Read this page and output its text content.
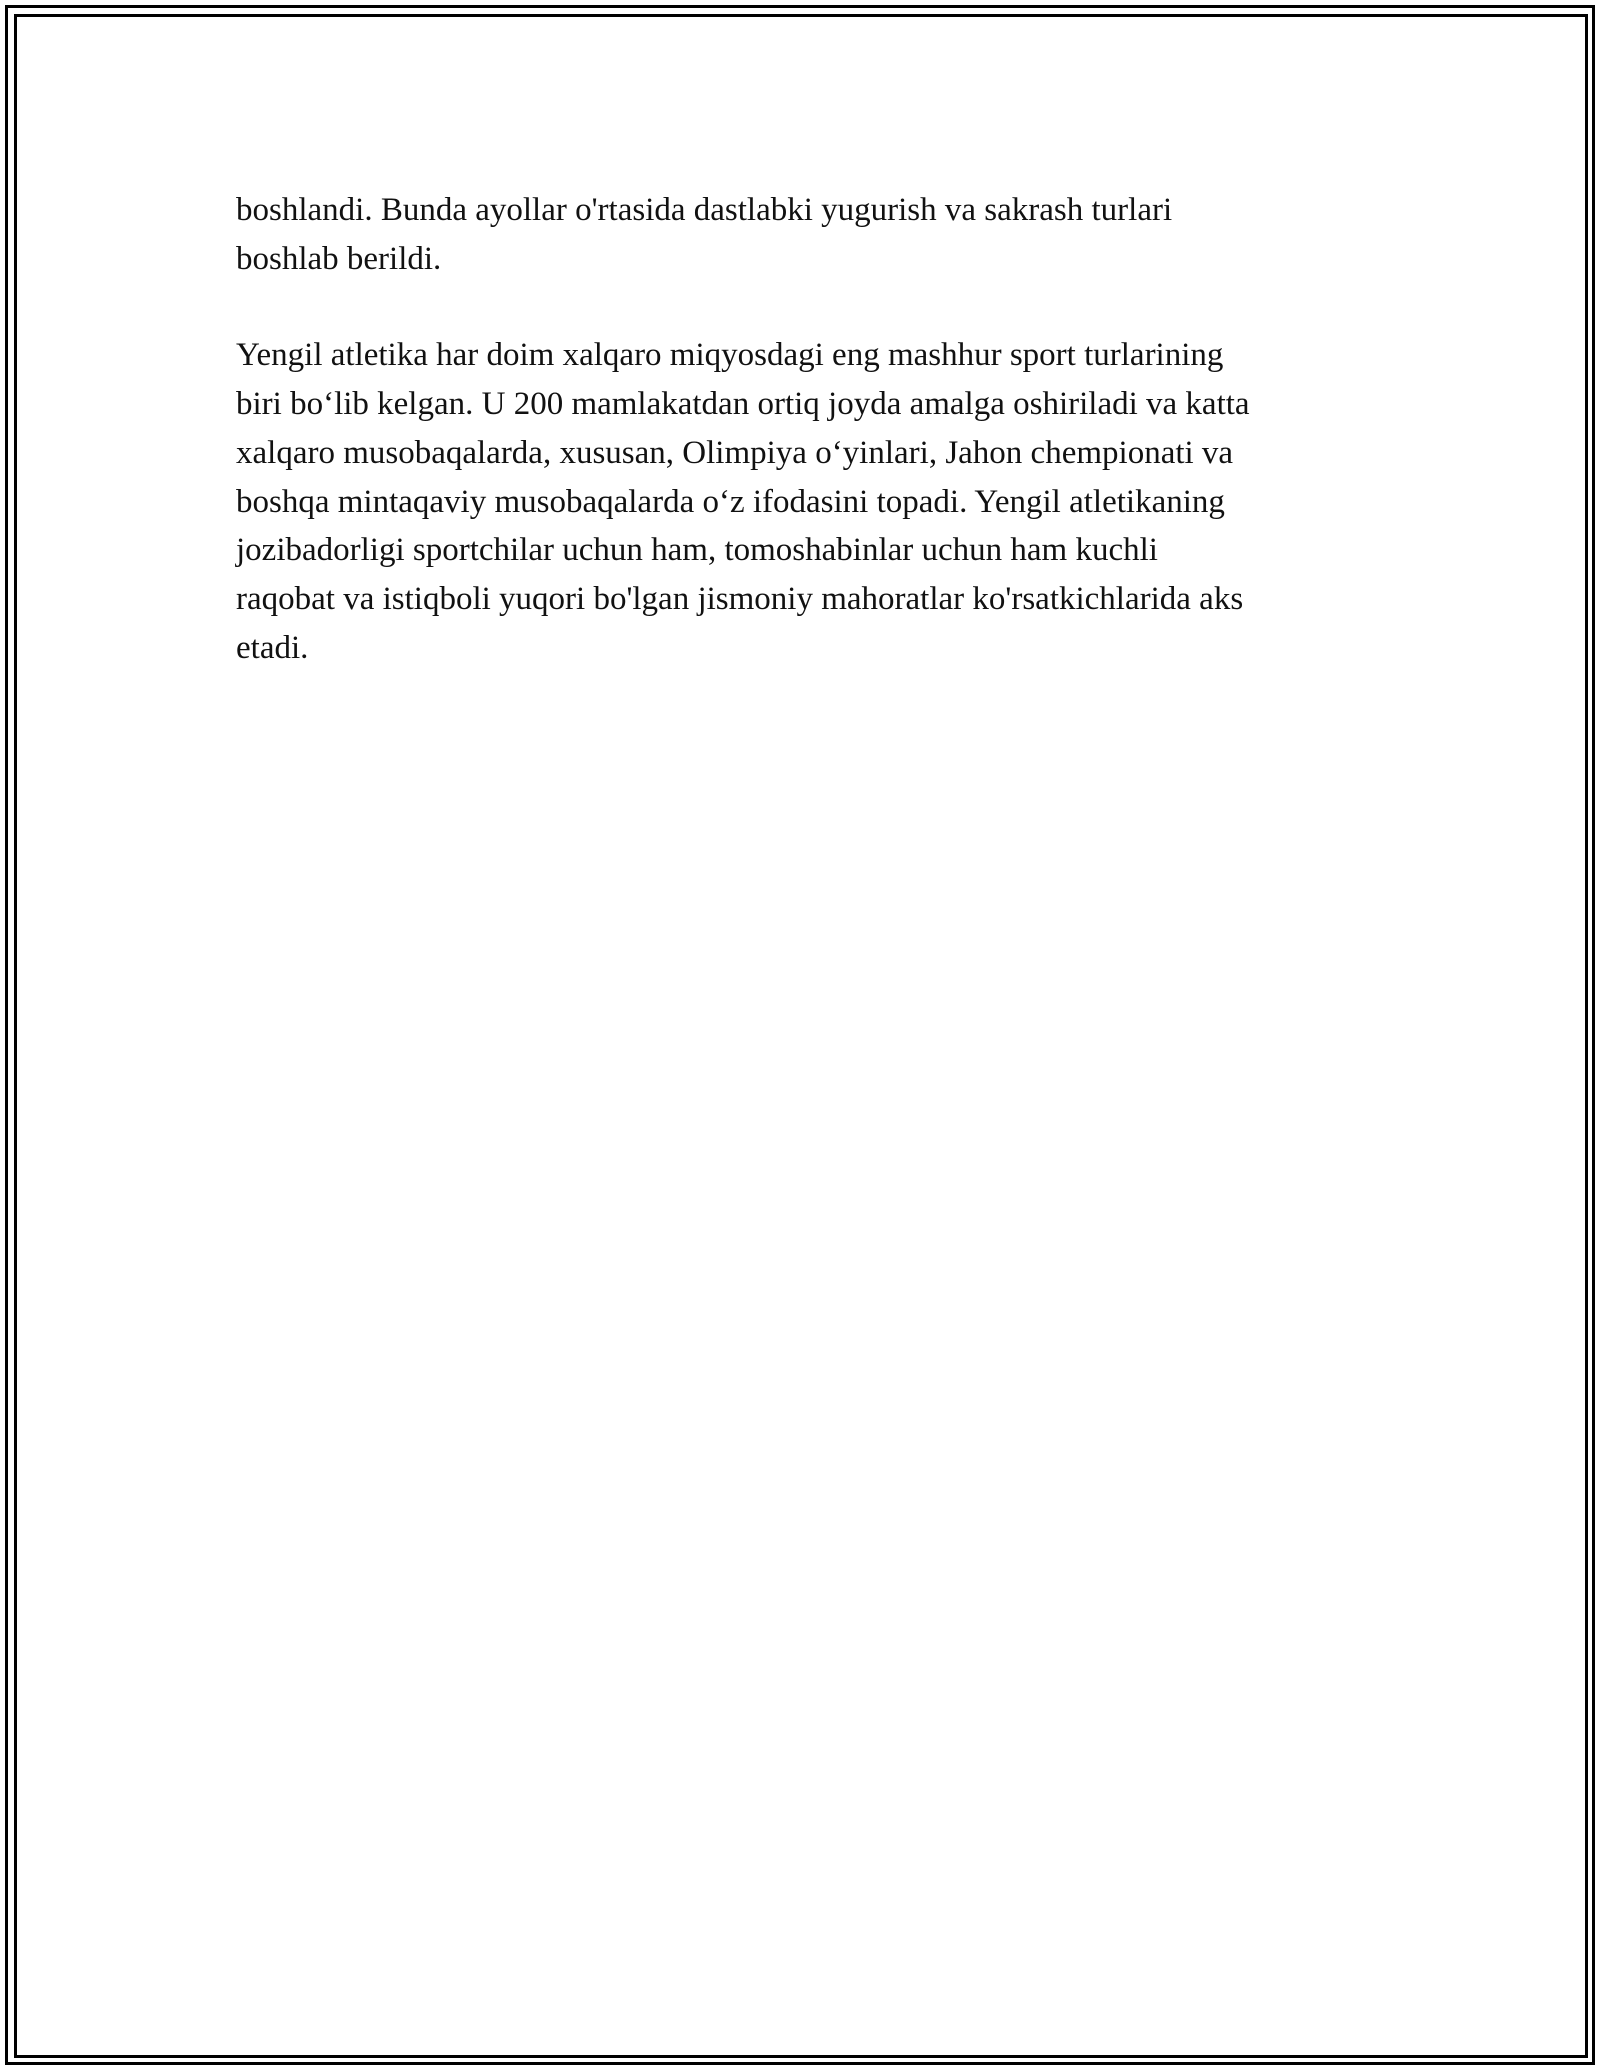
boshlandi. Bunda ayollar o'rtasida dastlabki yugurish va sakrash turlari
boshlab berildi.

Yengil atletika har doim xalqaro miqyosdagi eng mashhur sport turlarining
biri bo‘lib kelgan. U 200 mamlakatdan ortiq joyda amalga oshiriladi va katta
xalqaro musobaqalarda, xususan, Olimpiya o‘yinlari, Jahon chempionati va
boshqa mintaqaviy musobaqalarda o‘z ifodasini topadi. Yengil atletikaning
jozibadorligi sportchilar uchun ham, tomoshabinlar uchun ham kuchli
raqobat va istiqboli yuqori bo'lgan jismoniy mahoratlar ko'rsatkichlarida aks
etadi.
